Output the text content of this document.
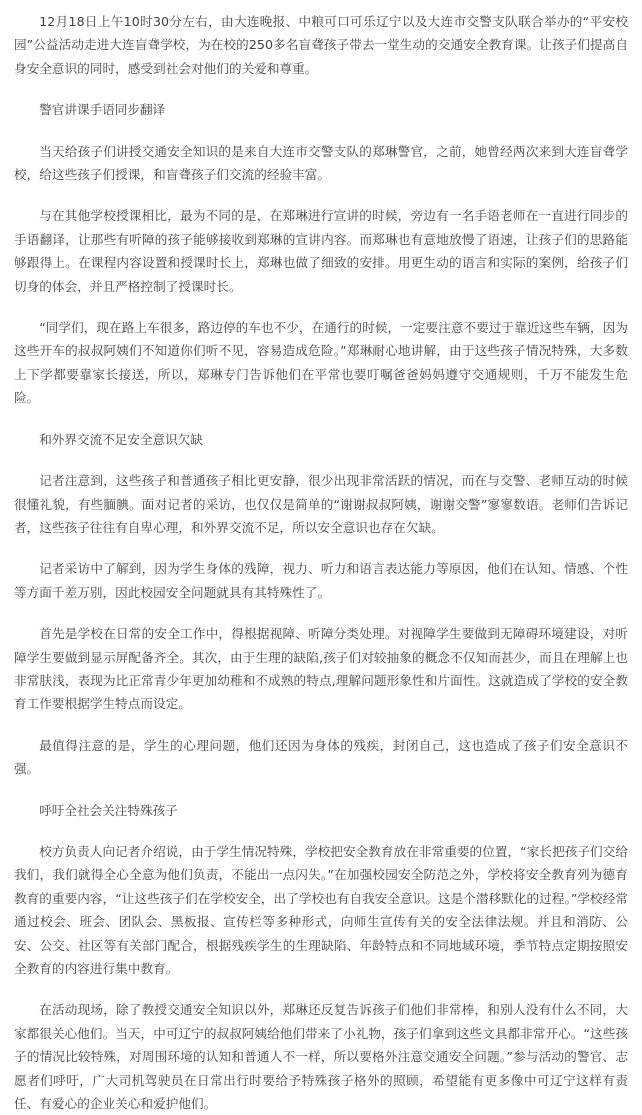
12月18日上午10时30分左右，由大连晚报、中粮可口可乐辽宁以及大连市交警支队联合举办的“平安校园”公益活动走进大连盲聋学校，为在校的250多名盲聋孩子带去一堂生动的交通安全教育课。让孩子们提高自身安全意识的同时，感受到社会对他们的关爱和尊重。

警官讲课手语同步翻译

当天给孩子们讲授交通安全知识的是来自大连市交警支队的郑琳警官，之前，她曾经两次来到大连盲聋学校，给这些孩子们授课，和盲聋孩子们交流的经验丰富。

与在其他学校授课相比，最为不同的是，在郑琳进行宣讲的时候，旁边有一名手语老师在一直进行同步的手语翻译，让那些有听障的孩子能够接收到郑琳的宣讲内容。而郑琳也有意地放慢了语速，让孩子们的思路能够跟得上。在课程内容设置和授课时长上，郑琳也做了细致的安排。用更生动的语言和实际的案例，给孩子们切身的体会，并且严格控制了授课时长。

“同学们，现在路上车很多，路边停的车也不少，在通行的时候，一定要注意不要过于靠近这些车辆，因为这些开车的叔叔阿姨们不知道你们听不见，容易造成危险。”郑琳耐心地讲解，由于这些孩子情况特殊，大多数上下学都要靠家长接送，所以，郑琳专门告诉他们在平常也要叮嘱爸爸妈妈遵守交通规则，千万不能发生危险。

和外界交流不足安全意识欠缺

记者注意到，这些孩子和普通孩子相比更安静，很少出现非常活跃的情况，而在与交警、老师互动的时候很懂礼貌，有些腼腆。面对记者的采访，也仅仅是简单的“谢谢叔叔阿姨，谢谢交警”寥寥数语。老师们告诉记者，这些孩子往往有自卑心理，和外界交流不足，所以安全意识也存在欠缺。

记者采访中了解到，因为学生身体的残障，视力、听力和语言表达能力等原因，他们在认知、情感、个性等方面千差万别，因此校园安全问题就具有其特殊性了。

首先是学校在日常的安全工作中，得根据视障、听障分类处理。对视障学生要做到无障碍环境建设，对听障学生要做到显示屏配备齐全。其次，由于生理的缺陷,孩子们对较抽象的概念不仅知而甚少，而且在理解上也非常肤浅，表现为比正常青少年更加幼稚和不成熟的特点,理解问题形象性和片面性。这就造成了学校的安全教育工作要根据学生特点而设定。

最值得注意的是，学生的心理问题，他们还因为身体的残疾，封闭自己，这也造成了孩子们安全意识不强。

呼吁全社会关注特殊孩子

校方负责人向记者介绍说，由于学生情况特殊，学校把安全教育放在非常重要的位置，“家长把孩子们交给我们，我们就得全心全意为他们负责，不能出一点闪失。”在加强校园安全防范之外，学校将安全教育列为德育教育的重要内容，“让这些孩子们在学校安全，出了学校也有自我安全意识。这是个潜移默化的过程。”学校经常通过校会、班会、团队会、黑板报、宣传栏等多种形式，向师生宣传有关的安全法律法规。并且和消防、公安、公交、社区等有关部门配合，根据残疾学生的生理缺陷、年龄特点和不同地域环境，季节特点定期按照安全教育的内容进行集中教育。

在活动现场，除了教授交通安全知识以外，郑琳还反复告诉孩子们他们非常棒，和别人没有什么不同，大家都很关心他们。当天，中可辽宁的叔叔阿姨给他们带来了小礼物，孩子们拿到这些文具都非常开心。“这些孩子的情况比较特殊，对周围环境的认知和普通人不一样，所以要格外注意交通安全问题。”参与活动的警官、志愿者们呼吁，广大司机驾驶员在日常出行时要给予特殊孩子格外的照顾，希望能有更多像中可辽宁这样有责任、有爱心的企业关心和爱护他们。
